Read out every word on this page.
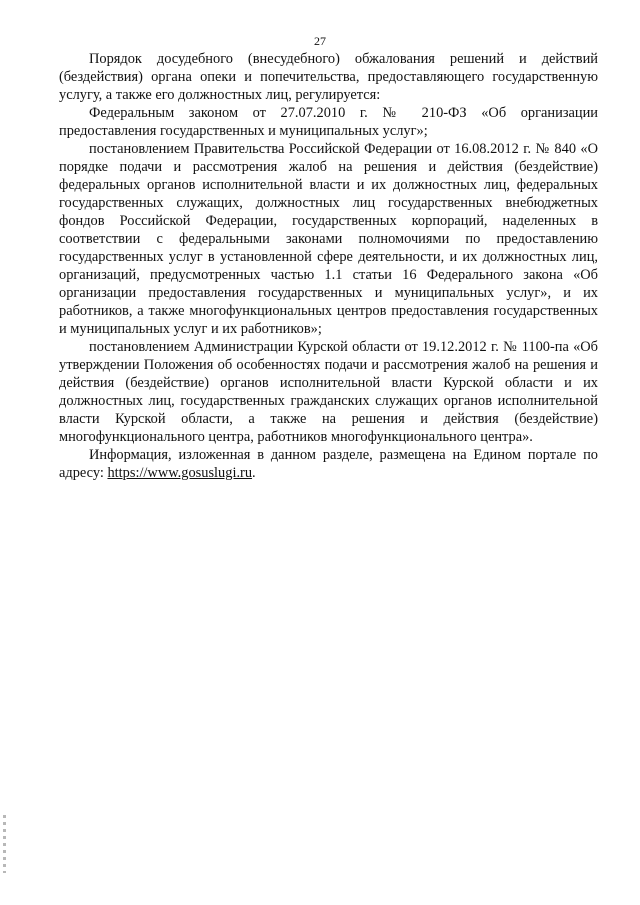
27

Порядок досудебного (внесудебного) обжалования решений и действий (бездействия) органа опеки и попечительства, предоставляющего государственную услугу, а также его должностных лиц, регулируется:

Федеральным законом от 27.07.2010 г. № 210-ФЗ «Об организации предоставления государственных и муниципальных услуг»;

постановлением Правительства Российской Федерации от 16.08.2012 г. № 840 «О порядке подачи и рассмотрения жалоб на решения и действия (бездействие) федеральных органов исполнительной власти и их должностных лиц, федеральных государственных служащих, должностных лиц государственных внебюджетных фондов Российской Федерации, государственных корпораций, наделенных в соответствии с федеральными законами полномочиями по предоставлению государственных услуг в установленной сфере деятельности, и их должностных лиц, организаций, предусмотренных частью 1.1 статьи 16 Федерального закона «Об организации предоставления государственных и муниципальных услуг», и их работников, а также многофункциональных центров предоставления государственных и муниципальных услуг и их работников»;

постановлением Администрации Курской области от 19.12.2012 г. № 1100-па «Об утверждении Положения об особенностях подачи и рассмотрения жалоб на решения и действия (бездействие) органов исполнительной власти Курской области и их должностных лиц, государственных гражданских служащих органов исполнительной власти Курской области, а также на решения и действия (бездействие) многофункционального центра, работников многофункционального центра».

Информация, изложенная в данном разделе, размещена на Едином портале по адресу: https://www.gosuslugi.ru.
